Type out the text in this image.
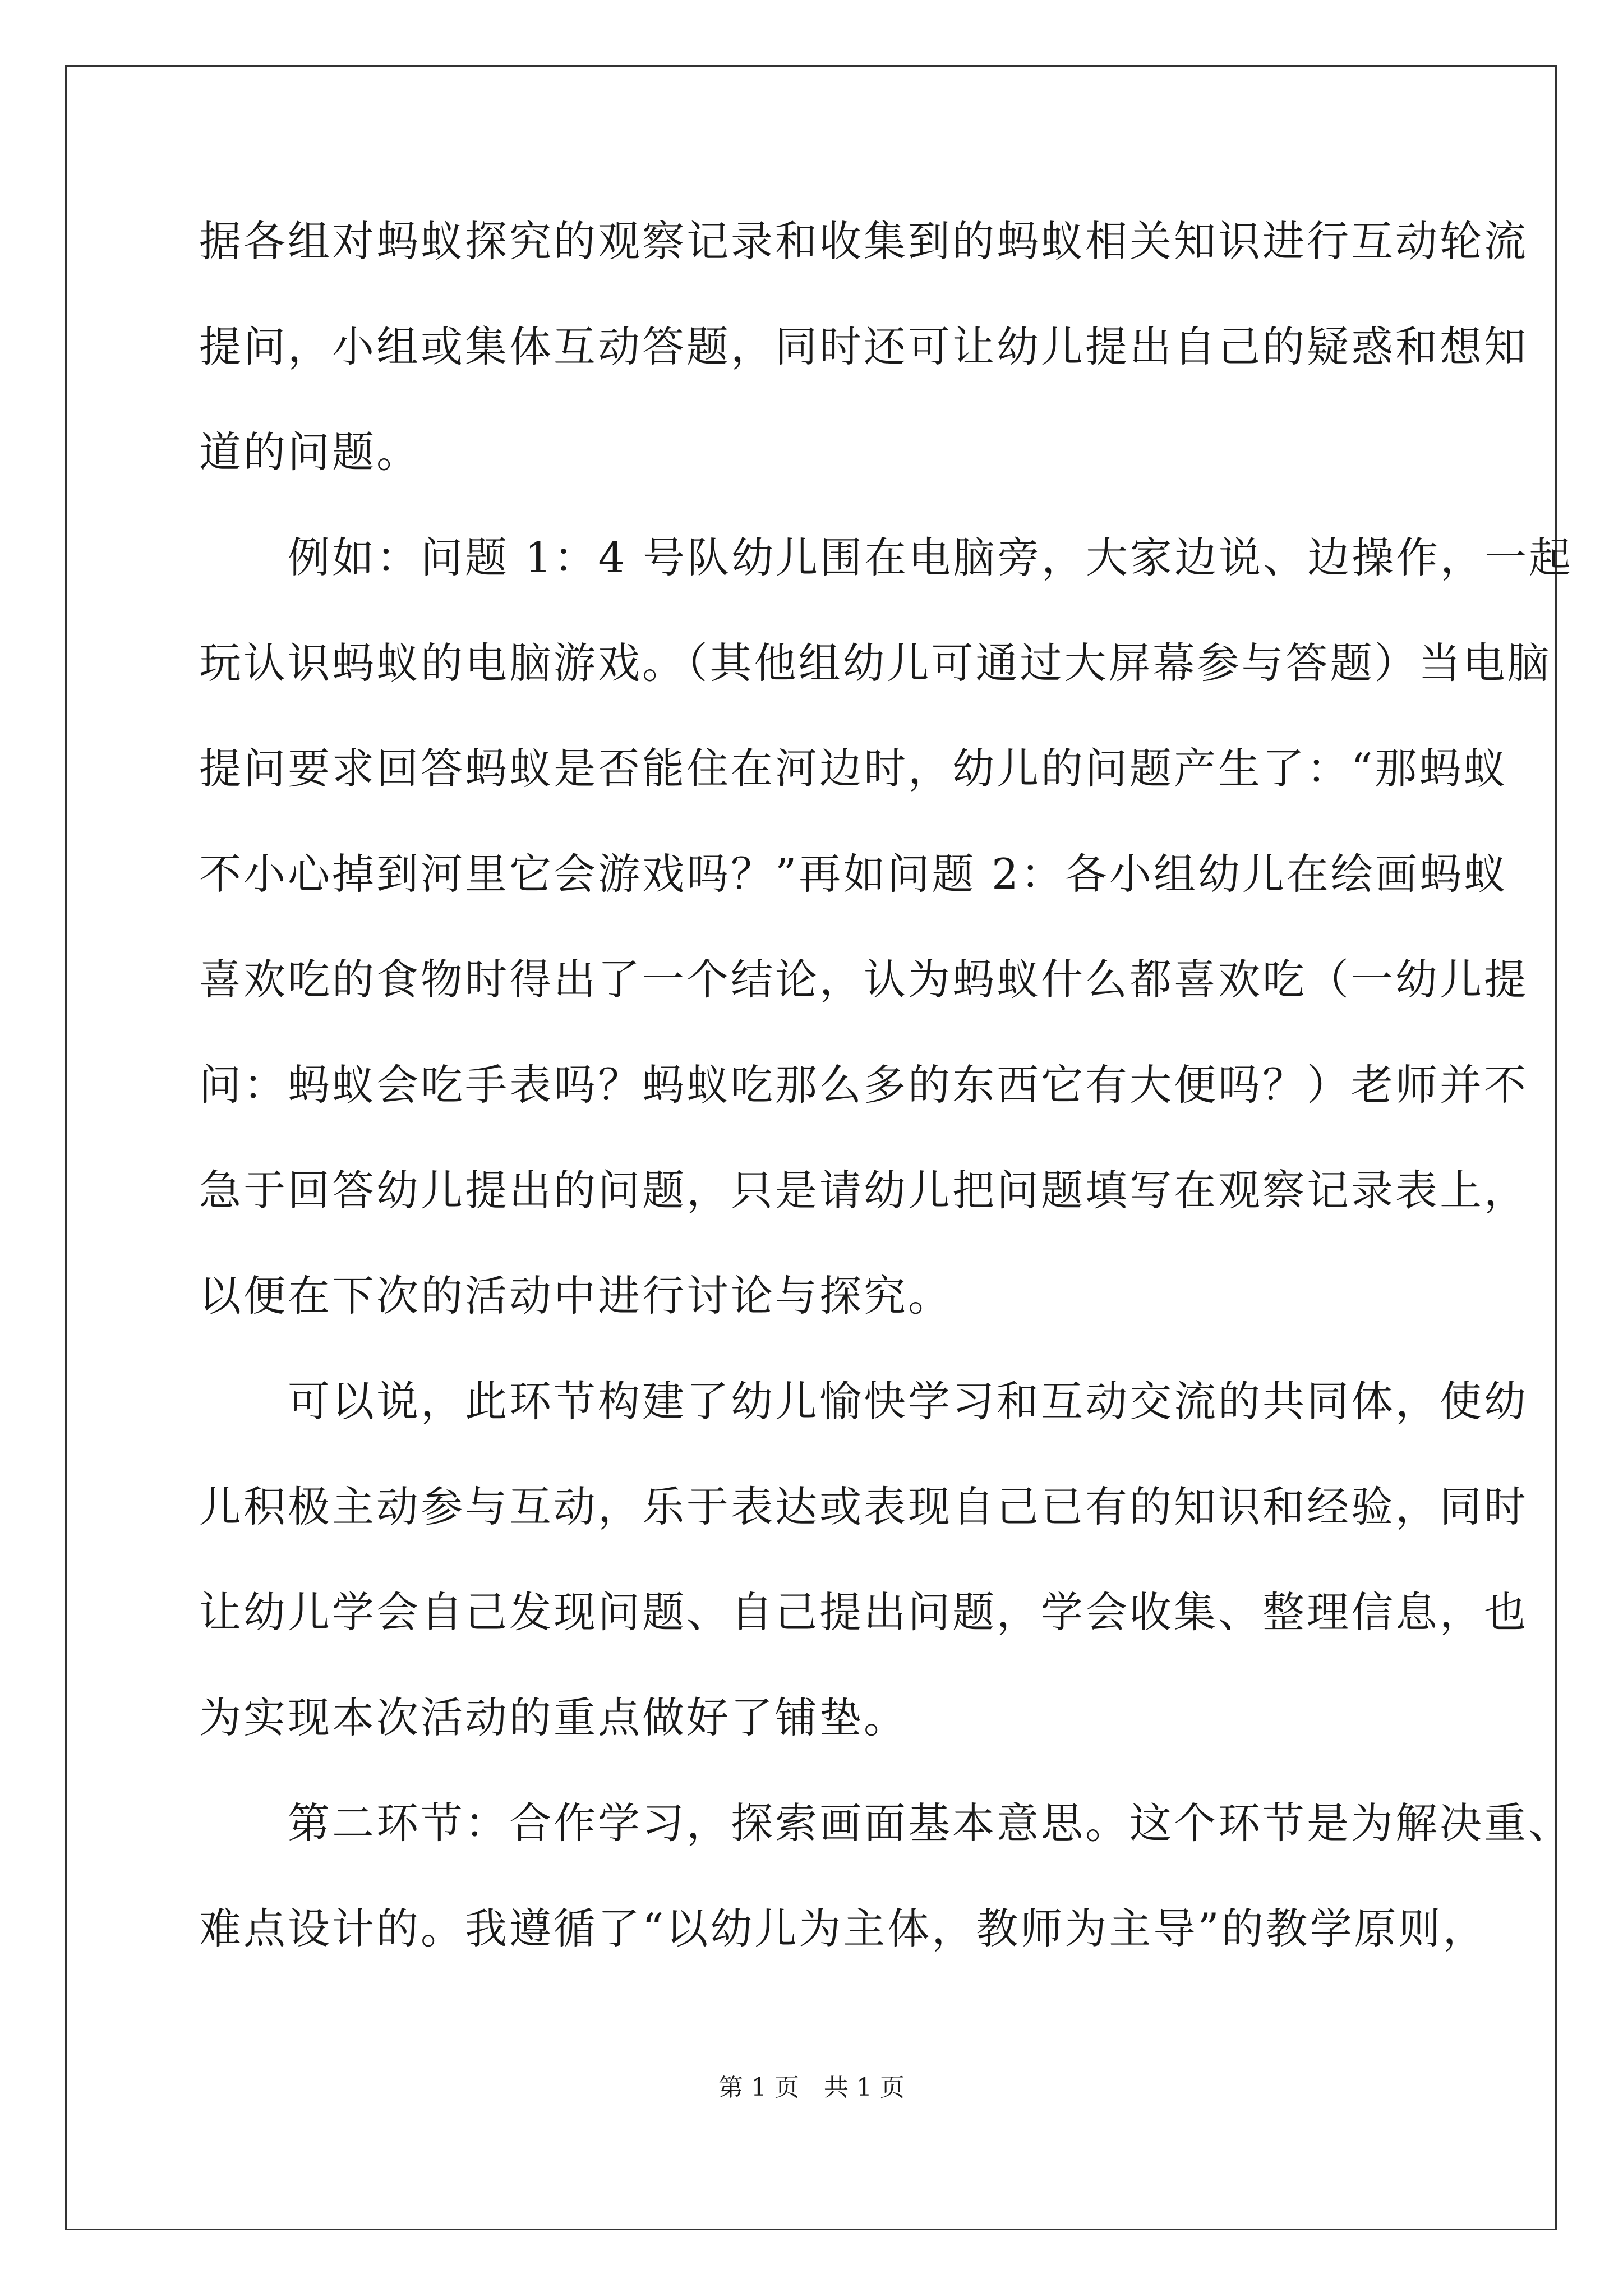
据各组对蚂蚁探究的观察记录和收集到的蚂蚁相关知识进行互动轮流
提问，小组或集体互动答题，同时还可让幼儿提出自己的疑惑和想知
道的问题。
　　例如：问题 1：4 号队幼儿围在电脑旁，大家边说、边操作，一起
玩认识蚂蚁的电脑游戏。（其他组幼儿可通过大屏幕参与答题）当电脑
提问要求回答蚂蚁是否能住在河边时，幼儿的问题产生了：“那蚂蚁
不小心掉到河里它会游戏吗？”再如问题 2：各小组幼儿在绘画蚂蚁
喜欢吃的食物时得出了一个结论，认为蚂蚁什么都喜欢吃（一幼儿提
问：蚂蚁会吃手表吗？蚂蚁吃那么多的东西它有大便吗？）老师并不
急于回答幼儿提出的问题，只是请幼儿把问题填写在观察记录表上，
以便在下次的活动中进行讨论与探究。
　　可以说，此环节构建了幼儿愉快学习和互动交流的共同体，使幼
儿积极主动参与互动，乐于表达或表现自己已有的知识和经验，同时
让幼儿学会自己发现问题、自己提出问题，学会收集、整理信息，也
为实现本次活动的重点做好了铺垫。
　　第二环节：合作学习，探索画面基本意思。这个环节是为解决重、
难点设计的。我遵循了“以幼儿为主体，教师为主导”的教学原则，
第 1 页　共 1 页
